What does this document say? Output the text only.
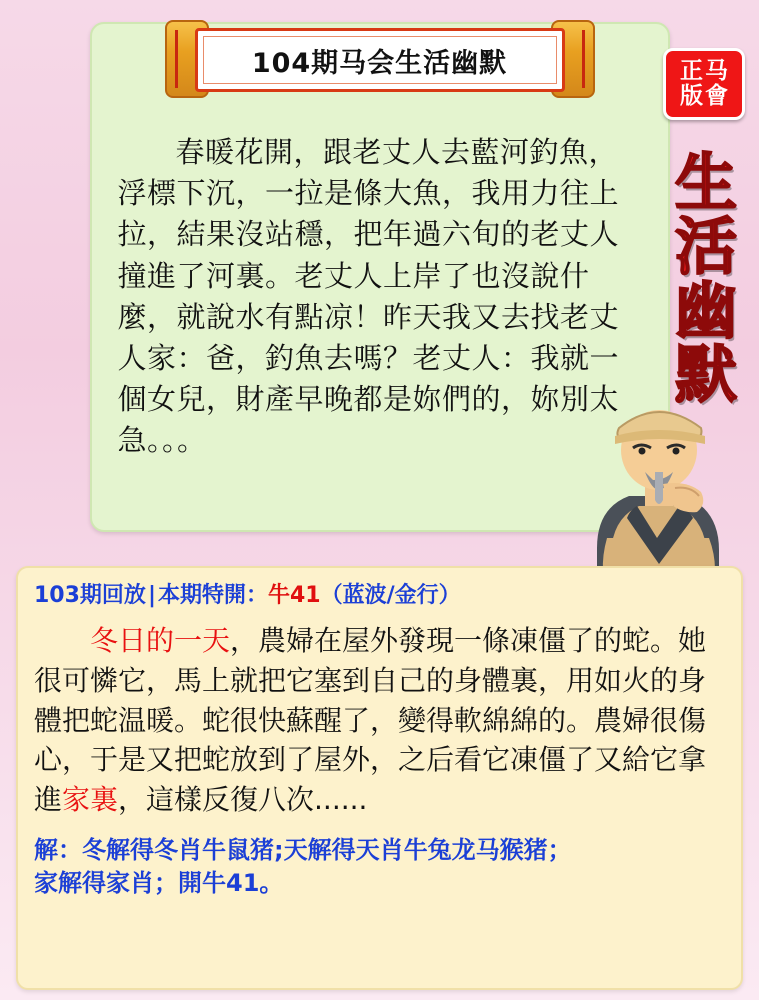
104期马会生活幽默
春暖花開，跟老丈人去藍河釣魚，浮標下沉，一拉是條大魚，我用力往上拉，結果沒站穩，把年過六旬的老丈人撞進了河裏。老丈人上岸了也沒說什麼，就說水有點凉！昨天我又去找老丈人家：爸，釣魚去嗎？老丈人：我就一個女兒，財產早晚都是妳們的，妳別太急。。。
正
版
马
會
生
活
幽
默
103期回放|本期特開：牛41（蓝波/金行）
冬日的一天，農婦在屋外發現一條凍僵了的蛇。她很可憐它，馬上就把它塞到自己的身體裏，用如火的身體把蛇温暖。蛇很快蘇醒了，變得軟綿綿的。農婦很傷心，于是又把蛇放到了屋外，之后看它凍僵了又給它拿進家裏，這樣反復八次......
解：冬解得冬肖牛鼠猪;天解得天肖牛兔龙马猴猪；
家解得家肖；開牛41。
